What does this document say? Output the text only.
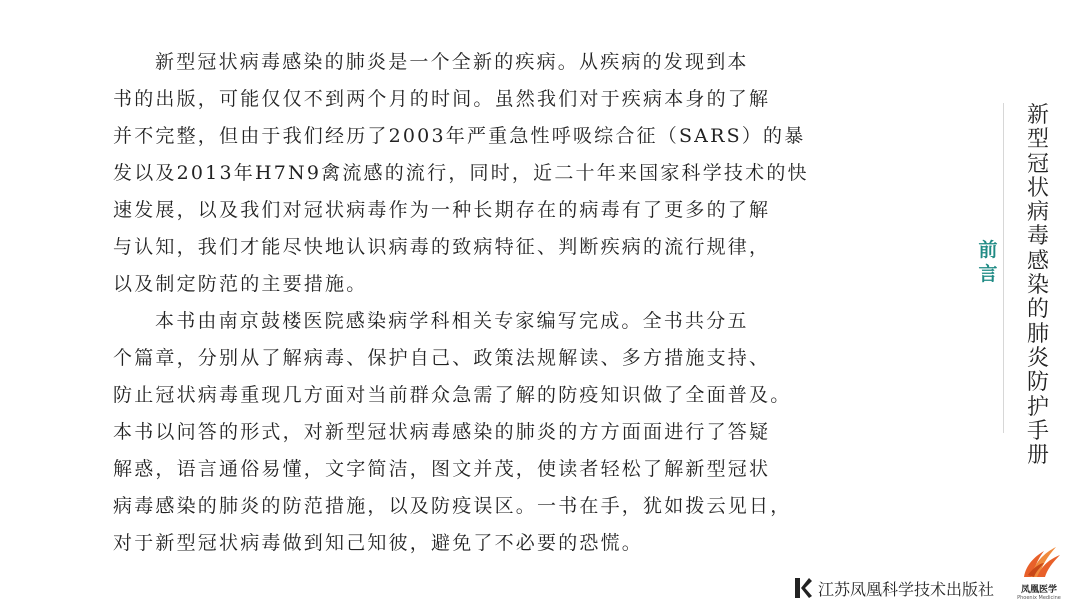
新型冠状病毒感染的肺炎是一个全新的疾病。从疾病的发现到本

书的出版，可能仅仅不到两个月的时间。虽然我们对于疾病本身的了解

并不完整，但由于我们经历了2003年严重急性呼吸综合征（SARS）的暴

发以及2013年H7N9禽流感的流行，同时，近二十年来国家科学技术的快

速发展，以及我们对冠状病毒作为一种长期存在的病毒有了更多的了解

与认知，我们才能尽快地认识病毒的致病特征、判断疾病的流行规律，

以及制定防范的主要措施。

本书由南京鼓楼医院感染病学科相关专家编写完成。全书共分五

个篇章，分别从了解病毒、保护自己、政策法规解读、多方措施支持、

防止冠状病毒重现几方面对当前群众急需了解的防疫知识做了全面普及。

本书以问答的形式，对新型冠状病毒感染的肺炎的方方面面进行了答疑

解惑，语言通俗易懂，文字简洁，图文并茂，使读者轻松了解新型冠状

病毒感染的肺炎的防范措施，以及防疫误区。一书在手，犹如拨云见日，

对于新型冠状病毒做到知己知彼，避免了不必要的恐慌。

前
言
新
型
冠
状
病
毒
感
染
的
肺
炎
防
护
手
册
江苏凤凰科学技术出版社	凤凰医学
Phoenix Medicine
